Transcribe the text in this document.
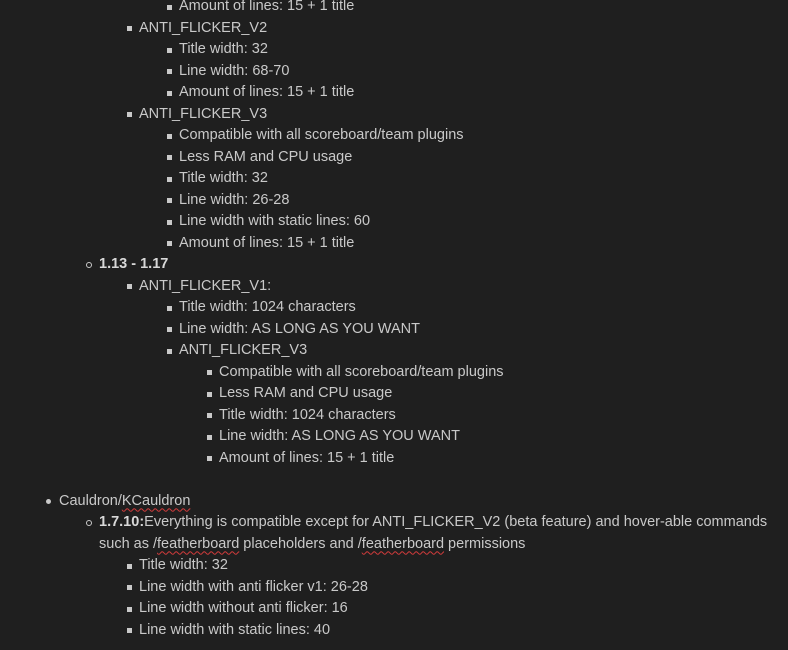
Amount of lines: 15 + 1 title
ANTI_FLICKER_V2
Title width: 32
Line width: 68-70
Amount of lines: 15 + 1 title
ANTI_FLICKER_V3
Compatible with all scoreboard/team plugins
Less RAM and CPU usage
Title width: 32
Line width: 26-28
Line width with static lines: 60
Amount of lines: 15 + 1 title
1.13 - 1.17
ANTI_FLICKER_V1:
Title width: 1024 characters
Line width: AS LONG AS YOU WANT
ANTI_FLICKER_V3
Compatible with all scoreboard/team plugins
Less RAM and CPU usage
Title width: 1024 characters
Line width: AS LONG AS YOU WANT
Amount of lines: 15 + 1 title
Cauldron/KCauldron
1.7.10:Everything is compatible except for ANTI_FLICKER_V2 (beta feature) and hover-able commands
such as /featherboard placeholders and /featherboard permissions
Title width: 32
Line width with anti flicker v1: 26-28
Line width without anti flicker: 16
Line width with static lines: 40
